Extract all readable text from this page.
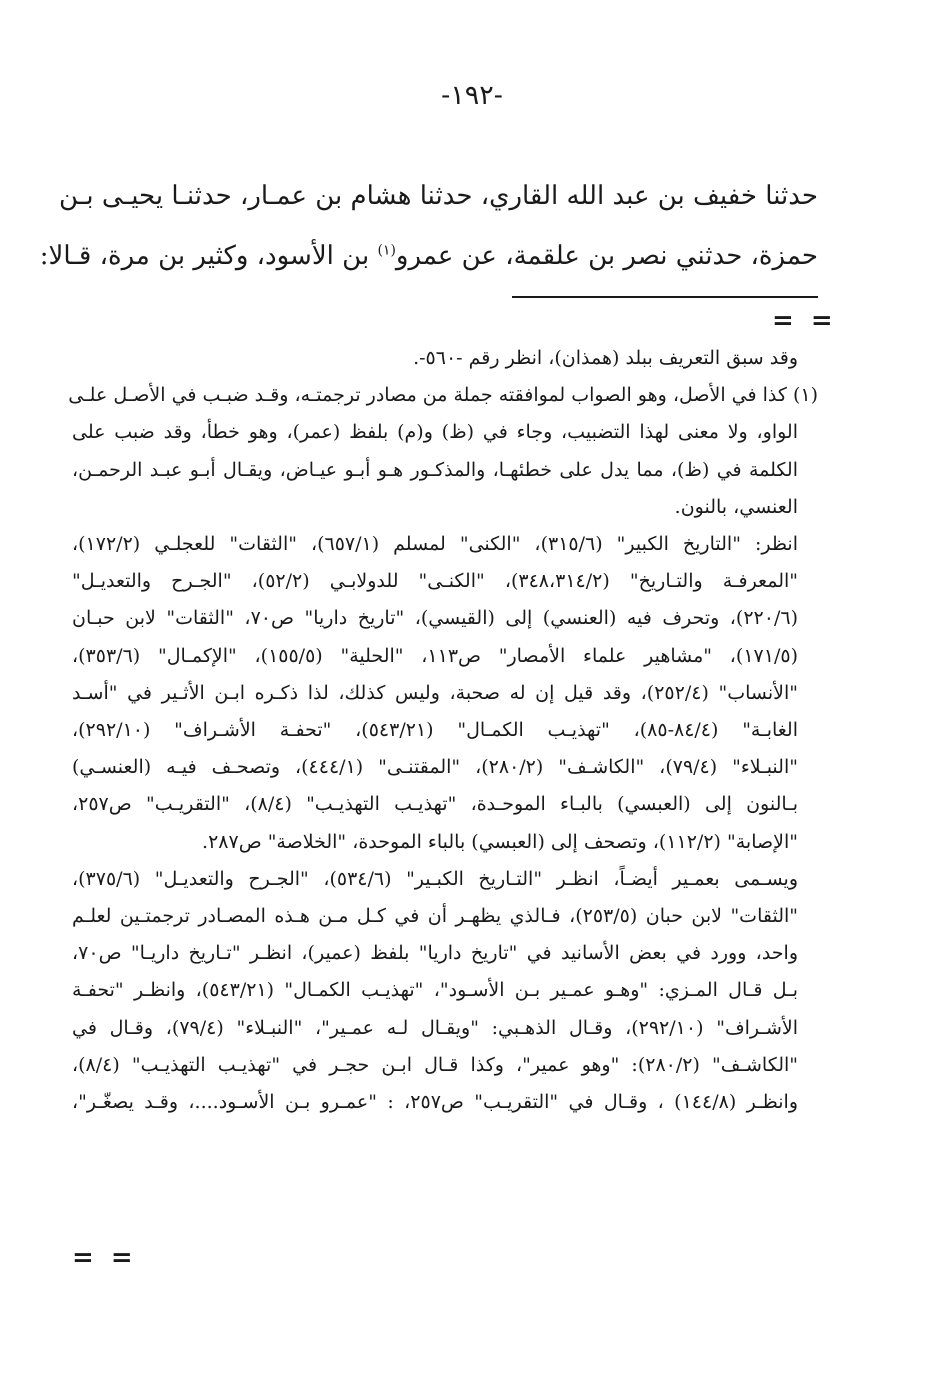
-١٩٢-
حدثنا خفيف بن عبد الله القاري، حدثنا هشام بن عمـار، حدثنـا يحيـى بـن
حمزة، حدثني نصر بن علقمة، عن عمرو$^{(١)}$ بن الأسود، وكثير بن مرة، قـالا:
= =
وقد سبق التعريف ببلد (همذان)، انظر رقم -٥٦٠-.
(١) كذا في الأصل، وهو الصواب لموافقته جملة من مصادر ترجمتـه، وقـد ضبـب في الأصـل علـى
الواو، ولا معنى لهذا التضبيب، وجاء في (ظ) و(م) بلفظ (عمر)، وهو خطأ، وقد ضبب على
الكلمة في (ظ)، مما يدل على خطئهـا، والمذكـور هـو أبـو عيـاض، ويقـال أبـو عبـد الرحمـن،
العنسي، بالنون.
انظر: "التاريخ الكبير" (٣١٥/٦)، "الكنى" لمسلم (٦٥٧/١)، "الثقات" للعجلـي (١٧٢/٢)،
"المعرفـة والتـاريخ" (٣٤٨،٣١٤/٢)، "الكنـى" للدولابـي (٥٢/٢)، "الجـرح والتعديـل"
(٢٢٠/٦)، وتحرف فيه (العنسي) إلى (القيسي)، "تاريخ داريا" ص٧٠، "الثقات" لابن حبـان
(١٧١/٥)، "مشاهير علماء الأمصار" ص١١٣، "الحلية" (١٥٥/٥)، "الإكمـال" (٣٥٣/٦)،
"الأنساب" (٢٥٢/٤)، وقد قيل إن له صحبة، وليس كذلك، لذا ذكـره ابـن الأثـير في "أسـد
الغابـة" (٨٤/٤-٨٥)، "تهذيـب الكمـال" (٥٤٣/٢١)، "تحفـة الأشـراف" (٢٩٢/١٠)،
"النبـلاء" (٧٩/٤)، "الكاشـف" (٢٨٠/٢)، "المقتنـى" (٤٤٤/١)، وتصحـف فيـه (العنسـي)
بـالنون إلى (العبسي) بالبـاء الموحـدة، "تهذيـب التهذيـب" (٨/٤)، "التقريـب" ص٢٥٧،
"الإصابة" (١١٢/٢)، وتصحف إلى (العبسي) بالباء الموحدة، "الخلاصة" ص٢٨٧.
ويسـمى بعمـير أيضـاً، انظـر "التـاريخ الكبـير" (٥٣٤/٦)، "الجـرح والتعديـل" (٣٧٥/٦)،
"الثقات" لابن حبان (٢٥٣/٥)، فـالذي يظهـر أن في كـل مـن هـذه المصـادر ترجمتـين لعلـم
واحد، وورد في بعض الأسانيد في "تاريخ داريا" بلفظ (عمير)، انظـر "تـاريخ داريـا" ص٧٠،
بـل قـال المـزي: "وهـو عمـير بـن الأسـود"، "تهذيـب الكمـال" (٥٤٣/٢١)، وانظـر "تحفـة
الأشـراف" (٢٩٢/١٠)، وقـال الذهـبي: "ويقـال لـه عمـير"، "النبـلاء" (٧٩/٤)، وقـال في
"الكاشـف" (٢٨٠/٢): "وهو عمير"، وكذا قـال ابـن حجـر في "تهذيـب التهذيـب" (٨/٤)،
وانظـر (١٤٤/٨) ، وقـال في "التقريـب" ص٢٥٧، : "عمـرو بـن الأسـود....، وقـد يصغّـر"،
= =
